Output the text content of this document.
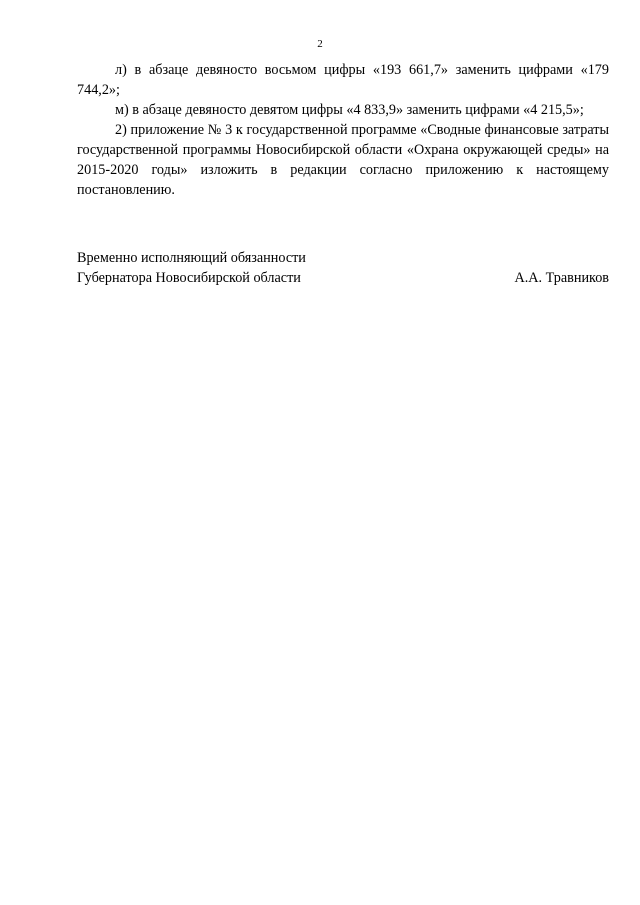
2

л) в абзаце девяносто восьмом цифры «193 661,7» заменить цифрами «179 744,2»;

м) в абзаце девяносто девятом цифры «4 833,9» заменить цифрами «4 215,5»;

2) приложение № 3 к государственной программе «Сводные финансовые затраты государственной программы Новосибирской области «Охрана окружающей среды» на 2015-2020 годы» изложить в редакции согласно приложению к настоящему постановлению.

Временно исполняющий обязанности
Губернатора Новосибирской области	А.А. Травников
